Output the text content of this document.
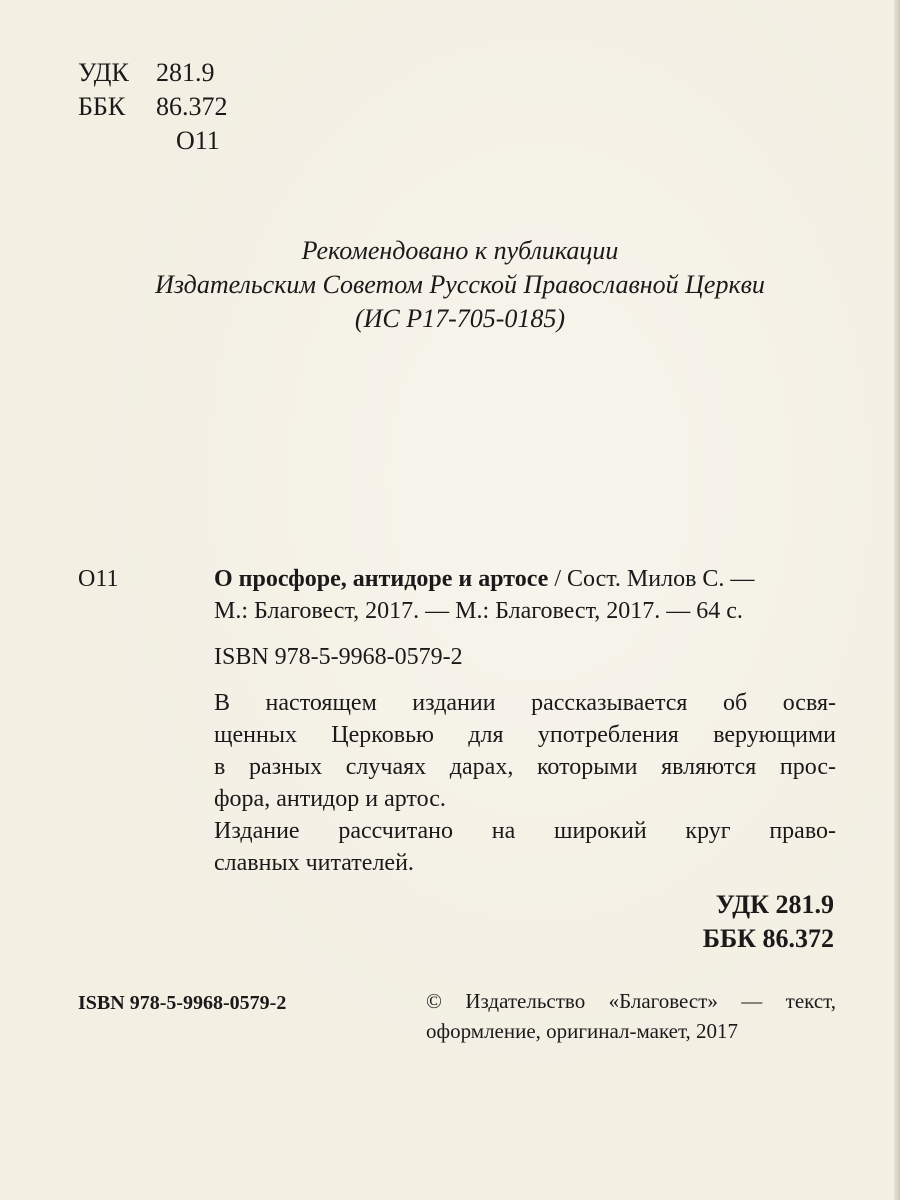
УДК	281.9
ББК	86.372
О11
Рекомендовано к публикации
Издательским Советом Русской Православной Церкви
(ИС Р17-705-0185)
О11	О просфоре, антидоре и артосе / Сост. Милов С. —
М.: Благовест, 2017. — М.: Благовест, 2017. — 64 с.
ISBN 978-5-9968-0579-2
В настоящем издании рассказывается об освя-
щенных Церковью для употребления верующими
в разных случаях дарах, которыми являются прос-
фора, антидор и артос.
Издание рассчитано на широкий круг право-
славных читателей.
УДК 281.9
ББК 86.372
ISBN 978-5-9968-0579-2	© Издательство «Благовест» — текст,
оформление, оригинал-макет, 2017
